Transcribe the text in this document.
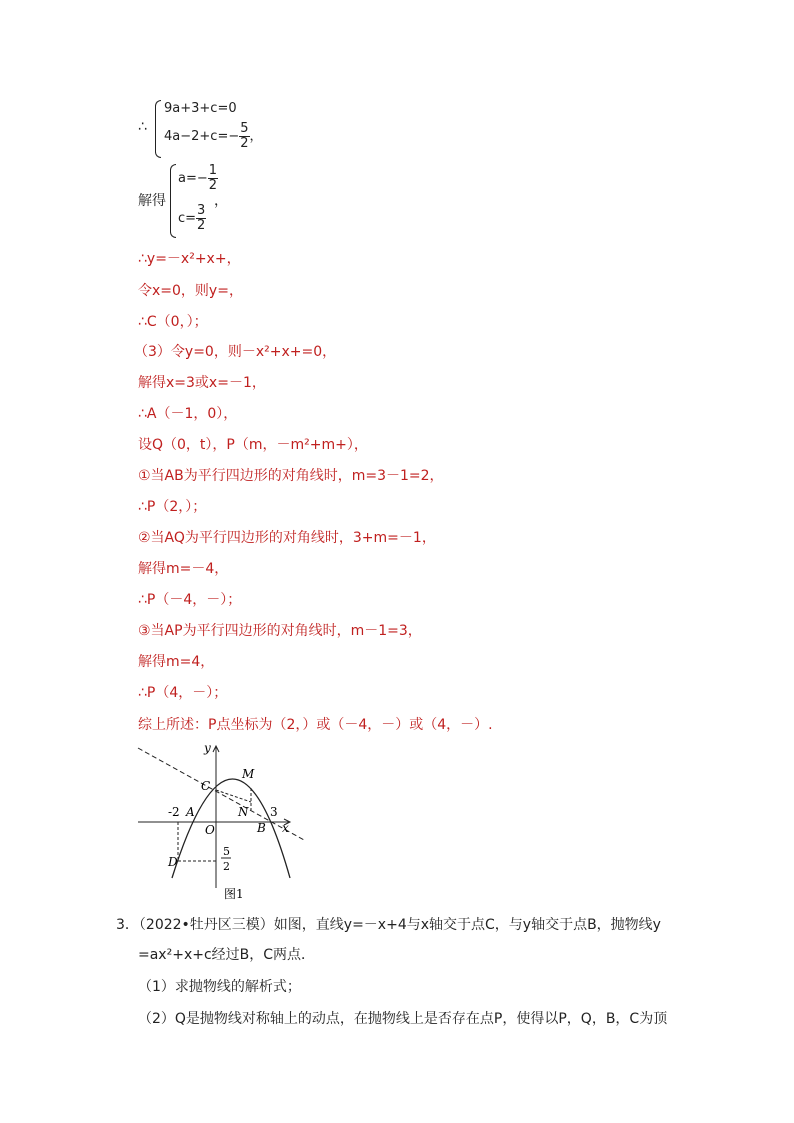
∴
9a+3+c=0
$4a-2+c=- \frac{5}{2}$ ，
解得
$a=- \frac{1}{2}$
，
$c= \frac{3}{2}$
∴y=－x²+x+，
令x=0，则y=，
∴C（0，）；
（3）令y=0，则－x²+x+=0，
解得x=3或x=－1，
∴A（－1，0），
设Q（0，t），P（m，－m²+m+），
①当AB为平行四边形的对角线时，m=3－1=2，
∴P（2，）；
②当AQ为平行四边形的对角线时，3+m=－1，
解得m=－4，
∴P（－4，－）；
③当AP为平行四边形的对角线时，m－1=3，
解得m=4，
∴P（4，－）；
综上所述：P点坐标为（2，）或（－4，－）或（4，－）.
y
x
C
M
N
A
O	B
D
-2	3
5
2
图1
3．（2022•牡丹区三模）如图，直线y=－x+4与x轴交于点C，与y轴交于点B，抛物线y
=ax²+x+c经过B，C两点．
（1）求抛物线的解析式；
（2）Q是抛物线对称轴上的动点，在抛物线上是否存在点P，使得以P，Q，B，C为顶
